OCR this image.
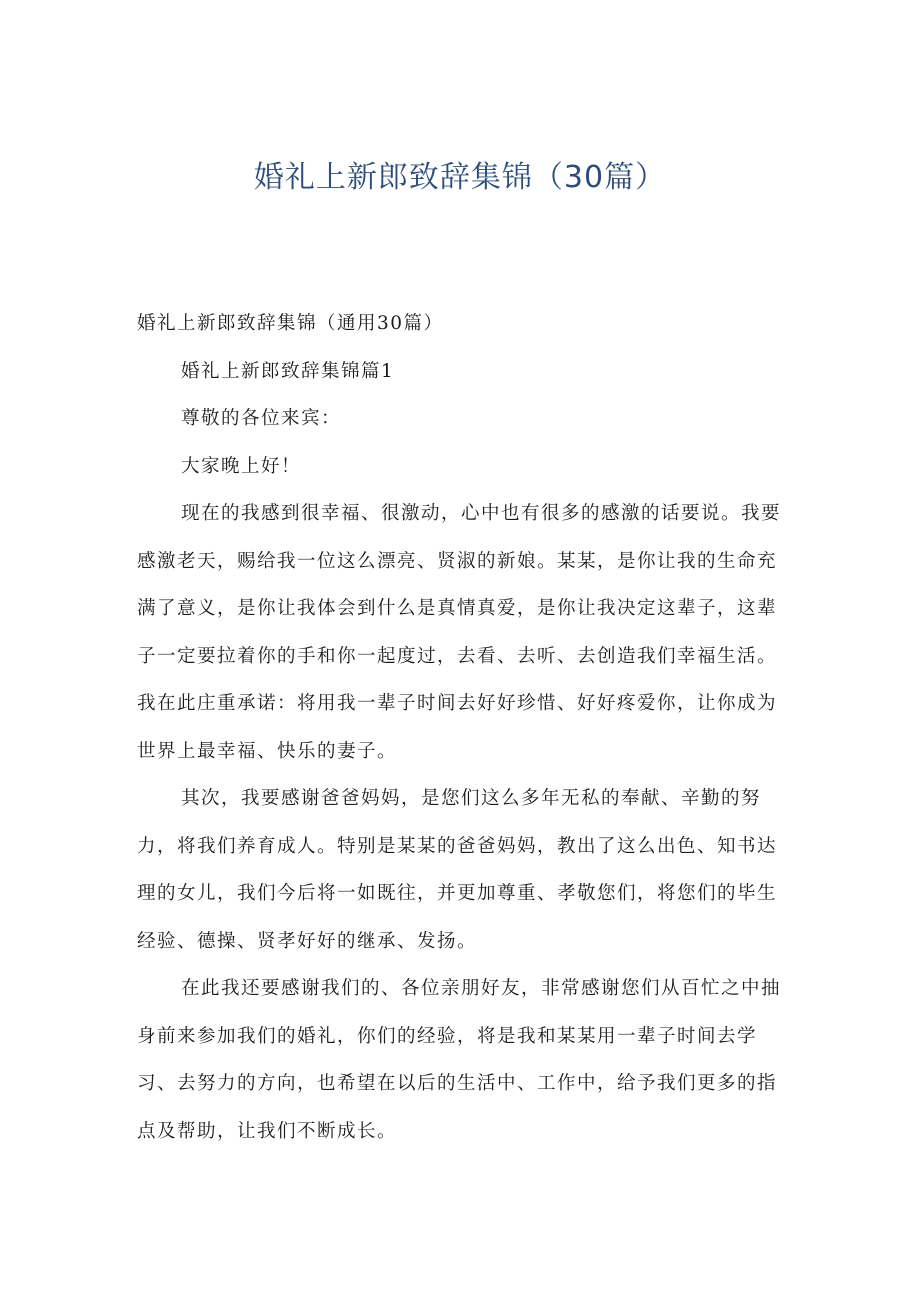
婚礼上新郎致辞集锦（30篇）

婚礼上新郎致辞集锦（通用30篇）

婚礼上新郎致辞集锦篇1

尊敬的各位来宾：

大家晚上好！

现在的我感到很幸福、很激动，心中也有很多的感激的话要说。我要感激老天，赐给我一位这么漂亮、贤淑的新娘。某某，是你让我的生命充满了意义，是你让我体会到什么是真情真爱，是你让我决定这辈子，这辈子一定要拉着你的手和你一起度过，去看、去听、去创造我们幸福生活。我在此庄重承诺：将用我一辈子时间去好好珍惜、好好疼爱你，让你成为世界上最幸福、快乐的妻子。

其次，我要感谢爸爸妈妈，是您们这么多年无私的奉献、辛勤的努力，将我们养育成人。特别是某某的爸爸妈妈，教出了这么出色、知书达理的女儿，我们今后将一如既往，并更加尊重、孝敬您们，将您们的毕生经验、德操、贤孝好好的继承、发扬。

在此我还要感谢我们的、各位亲朋好友，非常感谢您们从百忙之中抽身前来参加我们的婚礼，你们的经验，将是我和某某用一辈子时间去学习、去努力的方向，也希望在以后的生活中、工作中，给予我们更多的指点及帮助，让我们不断成长。
